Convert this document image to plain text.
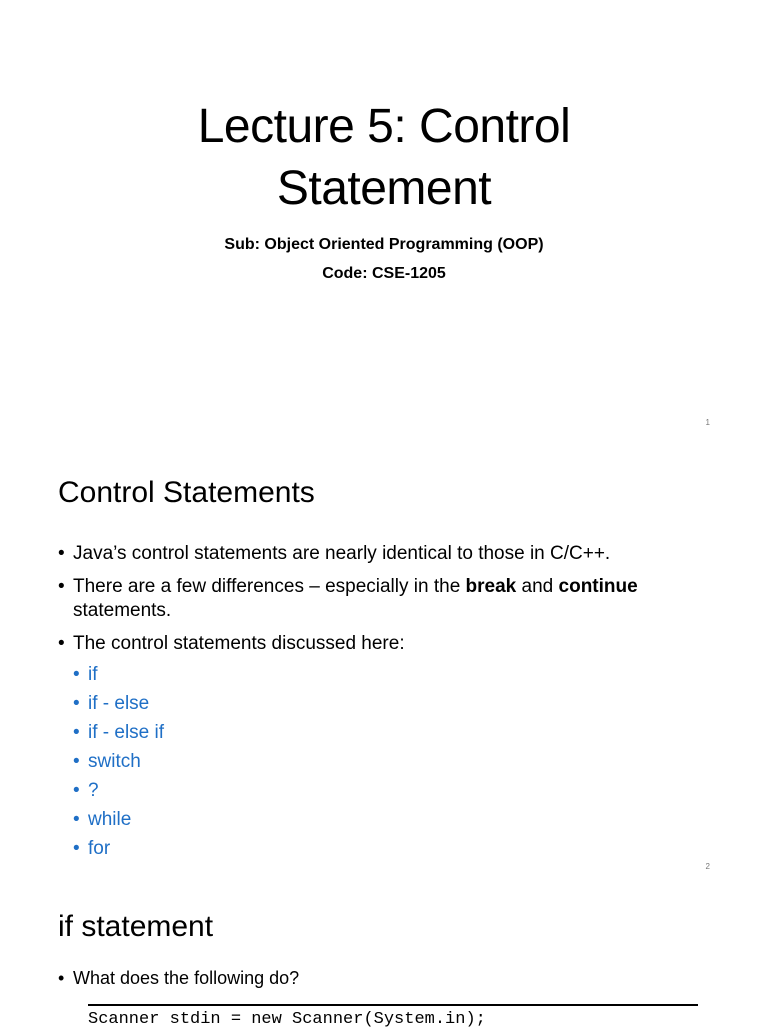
Lecture 5: Control
Statement
Sub: Object Oriented Programming (OOP)
Code: CSE-1205
1
Control Statements
• Java’s control statements are nearly identical to those in C/C++.
• There are a few differences – especially in the break and continue statements.
• The control statements discussed here:
• if
• if - else
• if - else if
• switch
• ?
• while
• for
2
if statement
• What does the following do?
Scanner stdin = new Scanner(System.in);
